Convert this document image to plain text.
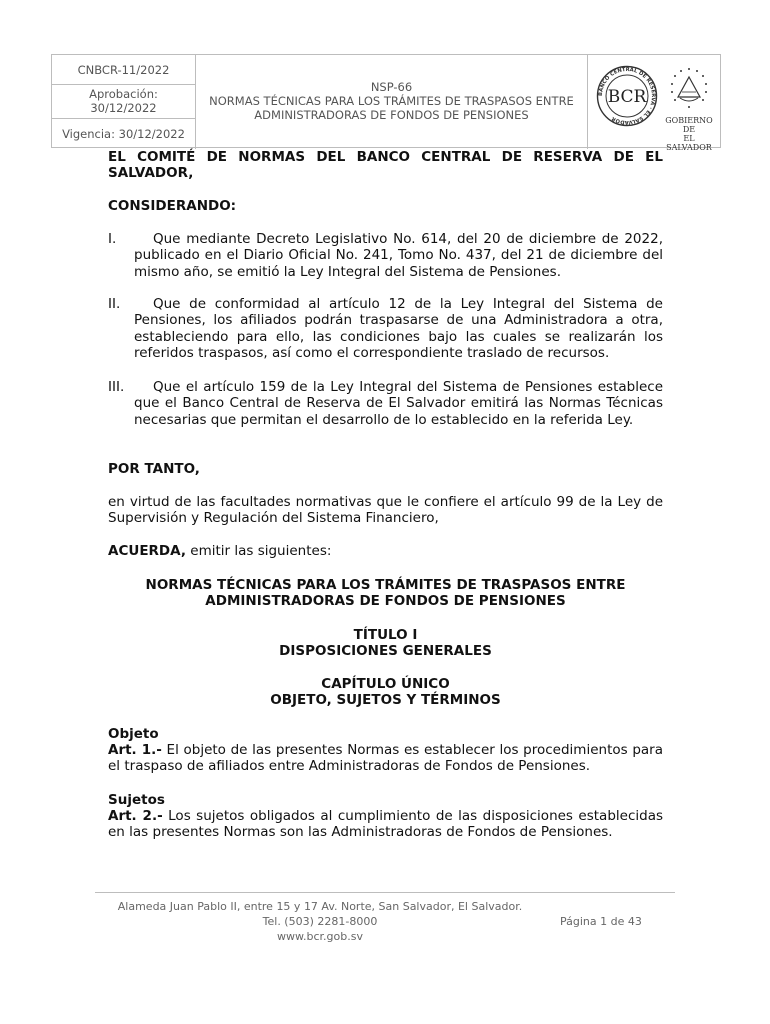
CNBCR-11/2022
Aprobación:
30/12/2022
Vigencia: 30/12/2022
NSP-66
NORMAS TÉCNICAS PARA LOS TRÁMITES DE TRASPASOS ENTRE ADMINISTRADORAS DE FONDOS DE PENSIONES
BANCO CENTRAL DE RESERVA · EL SALVADOR
BCR
GOBIERNO DE
EL SALVADOR

EL COMITÉ DE NORMAS DEL BANCO CENTRAL DE RESERVA DE EL SALVADOR,

CONSIDERANDO:

I.	Que mediante Decreto Legislativo No. 614, del 20 de diciembre de 2022, publicado en el Diario Oficial No. 241, Tomo No. 437, del 21 de diciembre del mismo año, se emitió la Ley Integral del Sistema de Pensiones.

II.	Que de conformidad al artículo 12 de la Ley Integral del Sistema de Pensiones, los afiliados podrán traspasarse de una Administradora a otra, estableciendo para ello, las condiciones bajo las cuales se realizarán los referidos traspasos, así como el correspondiente traslado de recursos.

III.	Que el artículo 159 de la Ley Integral del Sistema de Pensiones establece que el Banco Central de Reserva de El Salvador emitirá las Normas Técnicas necesarias que permitan el desarrollo de lo establecido en la referida Ley.

POR TANTO,

en virtud de las facultades normativas que le confiere el artículo 99 de la Ley de Supervisión y Regulación del Sistema Financiero,

ACUERDA, emitir las siguientes:

NORMAS TÉCNICAS PARA LOS TRÁMITES DE TRASPASOS ENTRE
ADMINISTRADORAS DE FONDOS DE PENSIONES
TÍTULO I
DISPOSICIONES GENERALES
CAPÍTULO ÚNICO
OBJETO, SUJETOS Y TÉRMINOS

Objeto

Art. 1.- El objeto de las presentes Normas es establecer los procedimientos para el traspaso de afiliados entre Administradoras de Fondos de Pensiones.

Sujetos

Art. 2.- Los sujetos obligados al cumplimiento de las disposiciones establecidas en las presentes Normas son las Administradoras de Fondos de Pensiones.

Alameda Juan Pablo II, entre 15 y 17 Av. Norte, San Salvador, El Salvador.
Tel. (503) 2281-8000
www.bcr.gob.sv
Página 1 de 43
